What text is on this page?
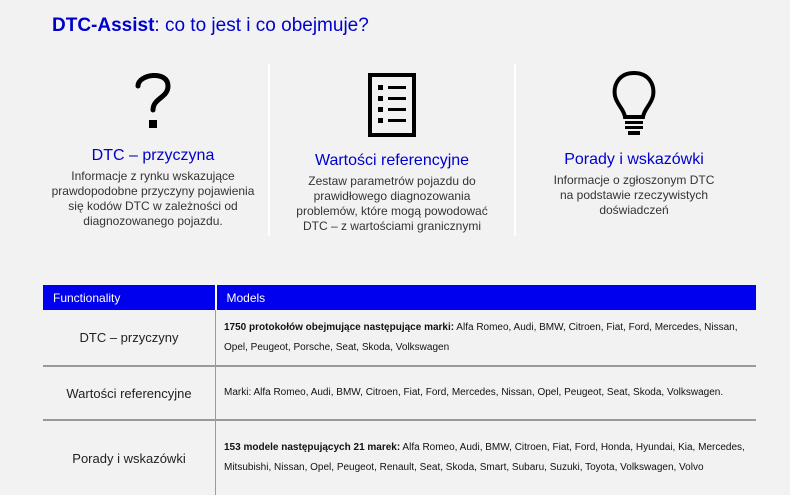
DTC-Assist: co to jest i co obejmuje?
DTC – przyczyna
Informacje z rynku wskazujące
prawdopodobne przyczyny pojawienia
się kodów DTC w zależności od
diagnozowanego pojazdu.
Wartości referencyjne
Zestaw parametrów pojazdu do
prawidłowego diagnozowania
problemów, które mogą powodować
DTC – z wartościami granicznymi
Porady i wskazówki
Informacje o zgłoszonym DTC
na podstawie rzeczywistych
doświadczeń
Functionality	Models
DTC – przyczyny	1750 protokołów obejmujące następujące marki: Alfa Romeo, Audi, BMW, Citroen, Fiat, Ford, Mercedes, Nissan, Opel, Peugeot, Porsche, Seat, Skoda, Volkswagen
Wartości referencyjne	Marki: Alfa Romeo, Audi, BMW, Citroen, Fiat, Ford, Mercedes, Nissan, Opel, Peugeot, Seat, Skoda, Volkswagen.
Porady i wskazówki	153 modele następujących 21 marek: Alfa Romeo, Audi, BMW, Citroen, Fiat, Ford, Honda, Hyundai, Kia, Mercedes, Mitsubishi, Nissan, Opel, Peugeot, Renault, Seat, Skoda, Smart, Subaru, Suzuki, Toyota, Volkswagen, Volvo
